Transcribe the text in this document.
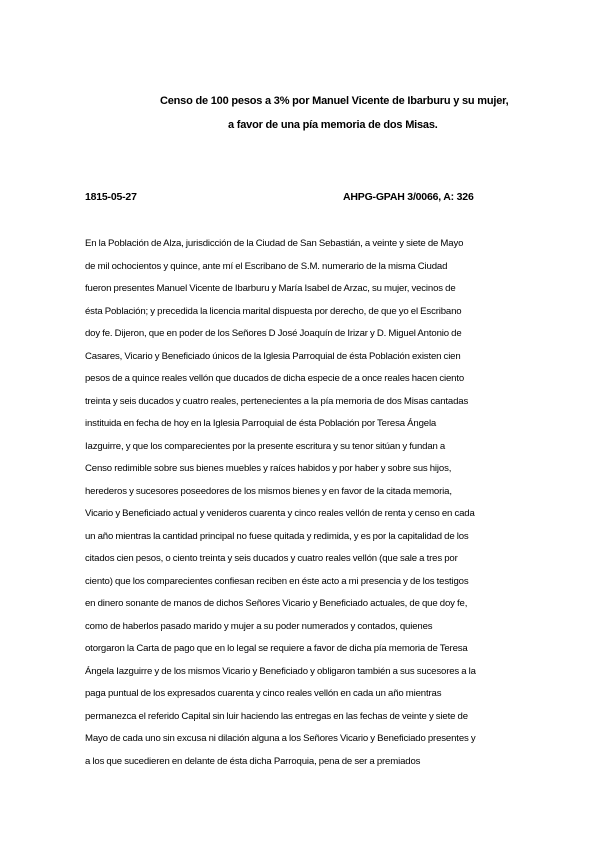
Censo de 100 pesos a 3% por Manuel Vicente de Ibarburu y su mujer,
a favor de una pía memoria de dos Misas.
1815-05-27	AHPG-GPAH 3/0066, A: 326
En la Población de Alza, jurisdicción de la Ciudad de San Sebastián, a veinte y siete de Mayo
de mil ochocientos y quince, ante mí el Escribano de S.M. numerario de la misma Ciudad
fueron presentes Manuel Vicente de Ibarburu y María Isabel de Arzac, su mujer, vecinos de
ésta Población; y precedida la licencia marital dispuesta por derecho, de que yo el Escribano
doy fe. Dijeron, que en poder de los Señores D José Joaquín de Irizar y D. Miguel Antonio de
Casares, Vicario y Beneficiado únicos de la Iglesia Parroquial de ésta Población existen cien
pesos de a quince reales vellón que ducados de dicha especie de a once reales hacen ciento
treinta y seis ducados y cuatro reales, pertenecientes a la pía memoria de dos Misas cantadas
instituida en fecha de hoy en la Iglesia Parroquial de ésta Población por Teresa Ángela
Iazguirre, y que los comparecientes por la presente escritura y su tenor sitúan y fundan a
Censo redimible sobre sus bienes muebles y raíces habidos y por haber y sobre sus hijos,
herederos y sucesores poseedores de los mismos bienes y en favor de la citada memoria,
Vicario y Beneficiado actual y venideros cuarenta y cinco reales vellón de renta y censo en cada
un año mientras la cantidad principal no fuese quitada y redimida, y es por la capitalidad de los
citados cien pesos, o ciento treinta y seis ducados y cuatro reales vellón (que sale a tres por
ciento) que los comparecientes confiesan reciben en éste acto a mi presencia y de los testigos
en dinero sonante de manos de dichos Señores Vicario y Beneficiado actuales, de que doy fe,
como de haberlos pasado marido y mujer a su poder numerados y contados, quienes
otorgaron la Carta de pago que en lo legal se requiere a favor de dicha pía memoria de Teresa
Ángela Iazguirre y de los mismos Vicario y Beneficiado y obligaron también a sus sucesores a la
paga puntual de los expresados cuarenta y cinco reales vellón en cada un año mientras
permanezca el referido Capital sin luir haciendo las entregas en las fechas de veinte y siete de
Mayo de cada uno sin excusa ni dilación alguna a los Señores Vicario y Beneficiado presentes y
a los que sucedieren en delante de ésta dicha Parroquia, pena de ser a premiados
